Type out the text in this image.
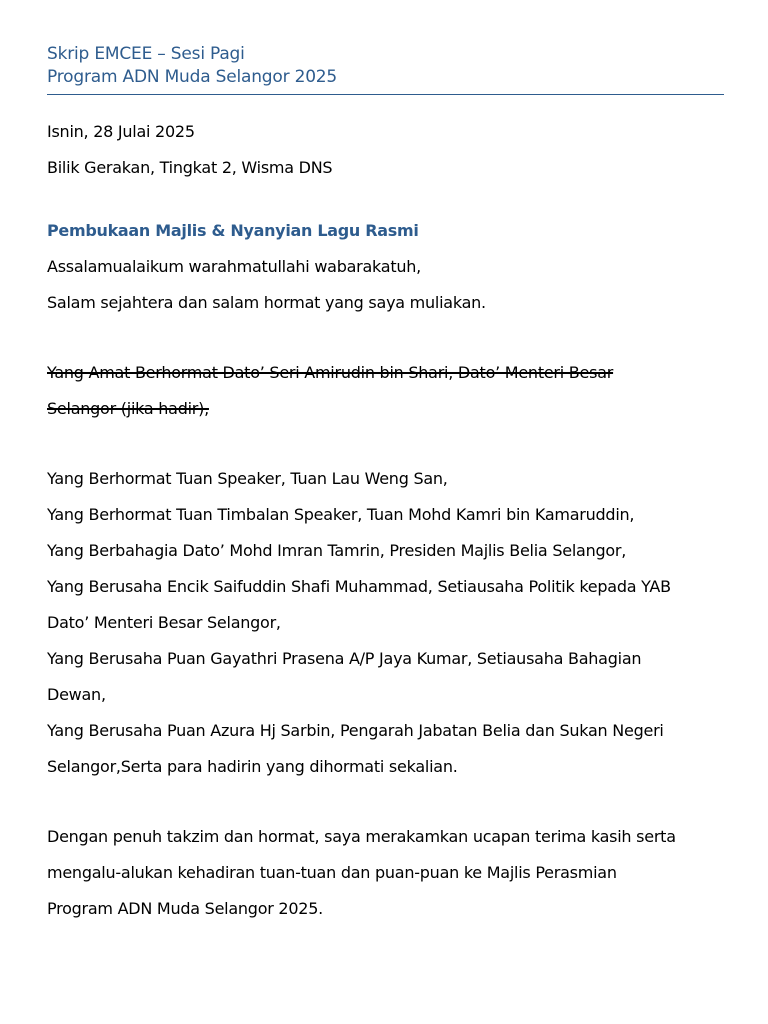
Skrip EMCEE – Sesi Pagi
Program ADN Muda Selangor 2025
Isnin, 28 Julai 2025
Bilik Gerakan, Tingkat 2, Wisma DNS
Pembukaan Majlis & Nyanyian Lagu Rasmi
Assalamualaikum warahmatullahi wabarakatuh,
Salam sejahtera dan salam hormat yang saya muliakan.
Yang Amat Berhormat Dato’ Seri Amirudin bin Shari, Dato’ Menteri Besar
Selangor (jika hadir),
Yang Berhormat Tuan Speaker, Tuan Lau Weng San,
Yang Berhormat Tuan Timbalan Speaker, Tuan Mohd Kamri bin Kamaruddin,
Yang Berbahagia Dato’ Mohd Imran Tamrin, Presiden Majlis Belia Selangor,
Yang Berusaha Encik Saifuddin Shafi Muhammad, Setiausaha Politik kepada YAB
Dato’ Menteri Besar Selangor,
Yang Berusaha Puan Gayathri Prasena A/P Jaya Kumar, Setiausaha Bahagian
Dewan,
Yang Berusaha Puan Azura Hj Sarbin, Pengarah Jabatan Belia dan Sukan Negeri
Selangor,Serta para hadirin yang dihormati sekalian.
Dengan penuh takzim dan hormat, saya merakamkan ucapan terima kasih serta
mengalu-alukan kehadiran tuan-tuan dan puan-puan ke Majlis Perasmian
Program ADN Muda Selangor 2025.
